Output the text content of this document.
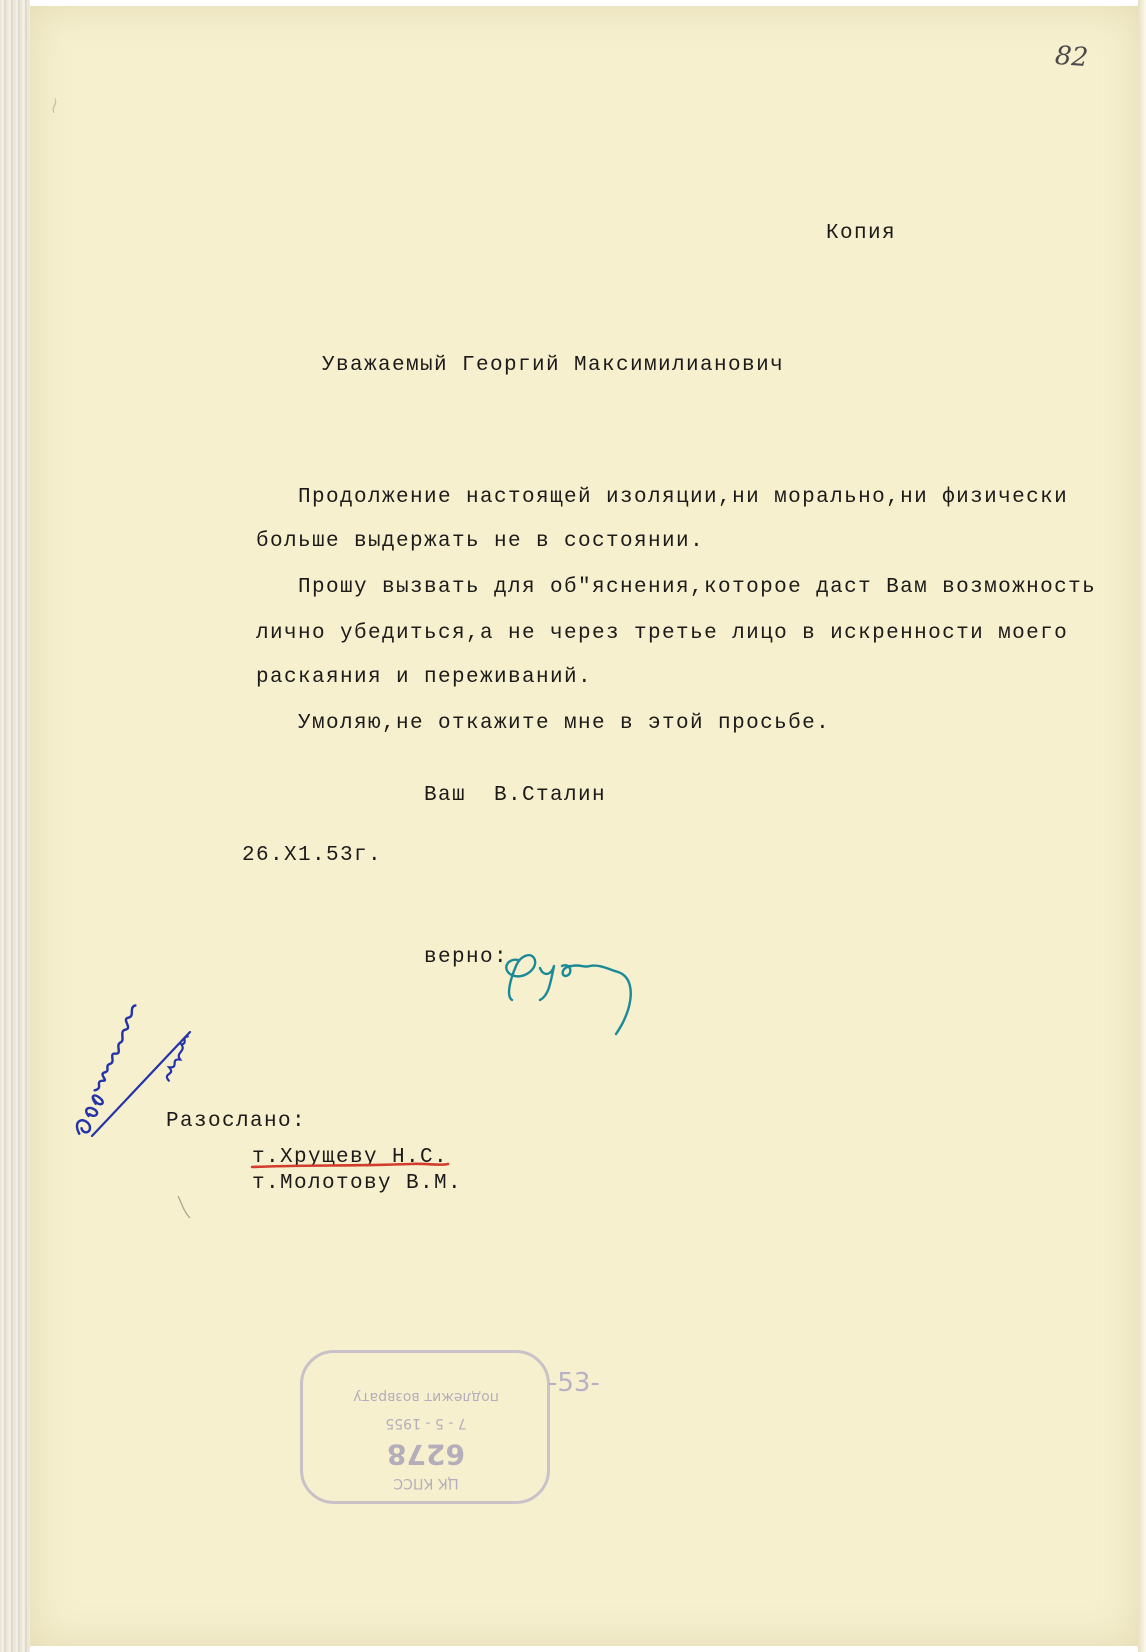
82
Копия
Уважаемый Георгий Максимилианович
Продолжение настоящей изоляции,ни морально,ни физически
больше выдержать не в состоянии.
Прошу вызвать для об"яснения,которое даст Вам возможность
лично убедиться,а не через третье лицо в искренности моего
раскаяния и переживаний.
Умоляю,не откажите мне в этой просьбе.
Ваш  В.Сталин
26.Х1.53г.
верно:
Разослано:
т.Хрущеву Н.С.
т.Молотову В.М.
ЦК КПСС
6278
7 - 5 - 1955
подлежит возврату	-53-
⁓
